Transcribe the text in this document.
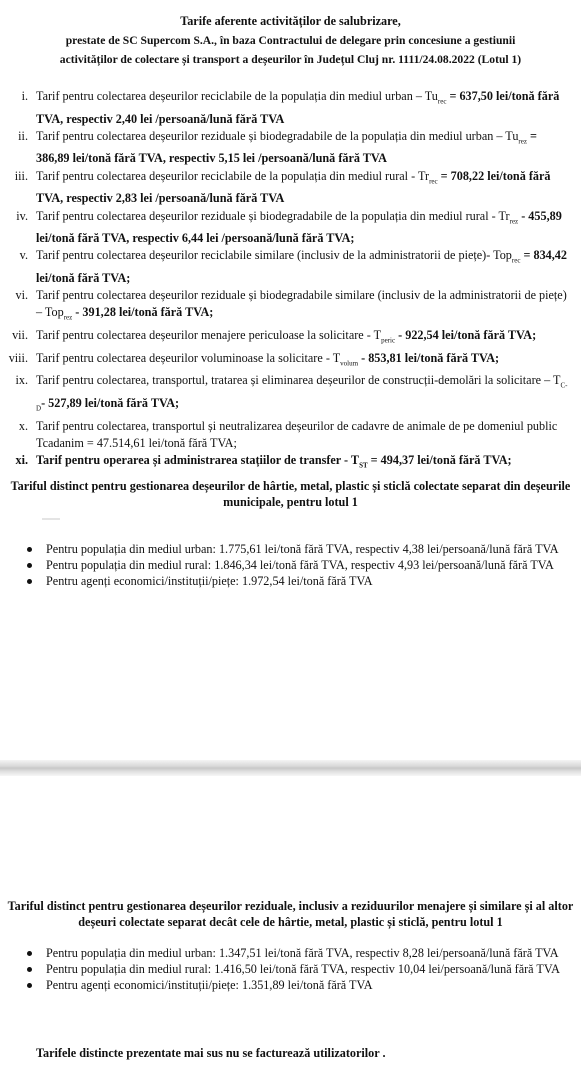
Tarife aferente activităților de salubrizare,
prestate de SC Supercom S.A., în baza Contractului de delegare prin concesiune a gestiunii
activităților de colectare și transport a deșeurilor în Județul Cluj nr. 1111/24.08.2022 (Lotul 1)
i. Tarif pentru colectarea deșeurilor reciclabile de la populația din mediul urban – $Tu_{rec} = 637,50$ lei/tonă fără TVA, respectiv 2,40 lei /persoană/lună fără TVA
ii. Tarif pentru colectarea deșeurilor reziduale și biodegradabile de la populația din mediul urban – $Tu_{rez} = 386,89$ lei/tonă fără TVA, respectiv 5,15 lei /persoană/lună fără TVA
iii. Tarif pentru colectarea deșeurilor reciclabile de la populația din mediul rural - $Tr_{rec} = 708,22$ lei/tonă fără TVA, respectiv 2,83 lei /persoană/lună fără TVA
iv. Tarif pentru colectarea deșeurilor reziduale și biodegradabile de la populația din mediul rural - $Tr_{rez} - 455,89$ lei/tonă fără TVA, respectiv 6,44 lei /persoană/lună fără TVA;
v. Tarif pentru colectarea deșeurilor reciclabile similare (inclusiv de la administratorii de piețe)- Top$_{rec}$ = 834,42 lei/tonă fără TVA;
vi. Tarif pentru colectarea deșeurilor reziduale și biodegradabile similare (inclusiv de la administratorii de piețe) – Top$_{rez}$ - 391,28 lei/tonă fără TVA;
vii. Tarif pentru colectarea deșeurilor menajere periculoase la solicitare - $T_{peric} - 922,54$ lei/tonă fără TVA;
viii. Tarif pentru colectarea deșeurilor voluminoase la solicitare - $T_{volum} - 853,81$ lei/tonă fără TVA;
ix. Tarif pentru colectarea, transportul, tratarea și eliminarea deșeurilor de construcții-demolări la solicitare – $T_{C-D}-$ 527,89 lei/tonă fără TVA;
x. Tarif pentru colectarea, transportul și neutralizarea deșeurilor de cadavre de animale de pe domeniul public Tcadanim = 47.514,61 lei/tonă fără TVA;
xi. Tarif pentru operarea și administrarea stațiilor de transfer - $T_{ST} = 494,37$ lei/tonă fără TVA;
Tariful distinct pentru gestionarea deșeurilor de hârtie, metal, plastic și sticlă colectate separat din deșeurile municipale, pentru lotul 1
Pentru populația din mediul urban: 1.775,61 lei/tonă fără TVA, respectiv 4,38 lei/persoană/lună fără TVA
Pentru populația din mediul rural: 1.846,34 lei/tonă fără TVA, respectiv 4,93 lei/persoană/lună fără TVA
Pentru agenți economici/instituții/piețe: 1.972,54 lei/tonă fără TVA
Tariful distinct pentru gestionarea deșeurilor reziduale, inclusiv a reziduurilor menajere și similare și al altor deșeuri colectate separat decât cele de hârtie, metal, plastic și sticlă, pentru lotul 1
Pentru populația din mediul urban: 1.347,51 lei/tonă fără TVA, respectiv 8,28 lei/persoană/lună fără TVA
Pentru populația din mediul rural: 1.416,50 lei/tonă fără TVA, respectiv 10,04 lei/persoană/lună fără TVA
Pentru agenți economici/instituții/piețe: 1.351,89 lei/tonă fără TVA
Tarifele distincte prezentate mai sus nu se facturează utilizatorilor .
